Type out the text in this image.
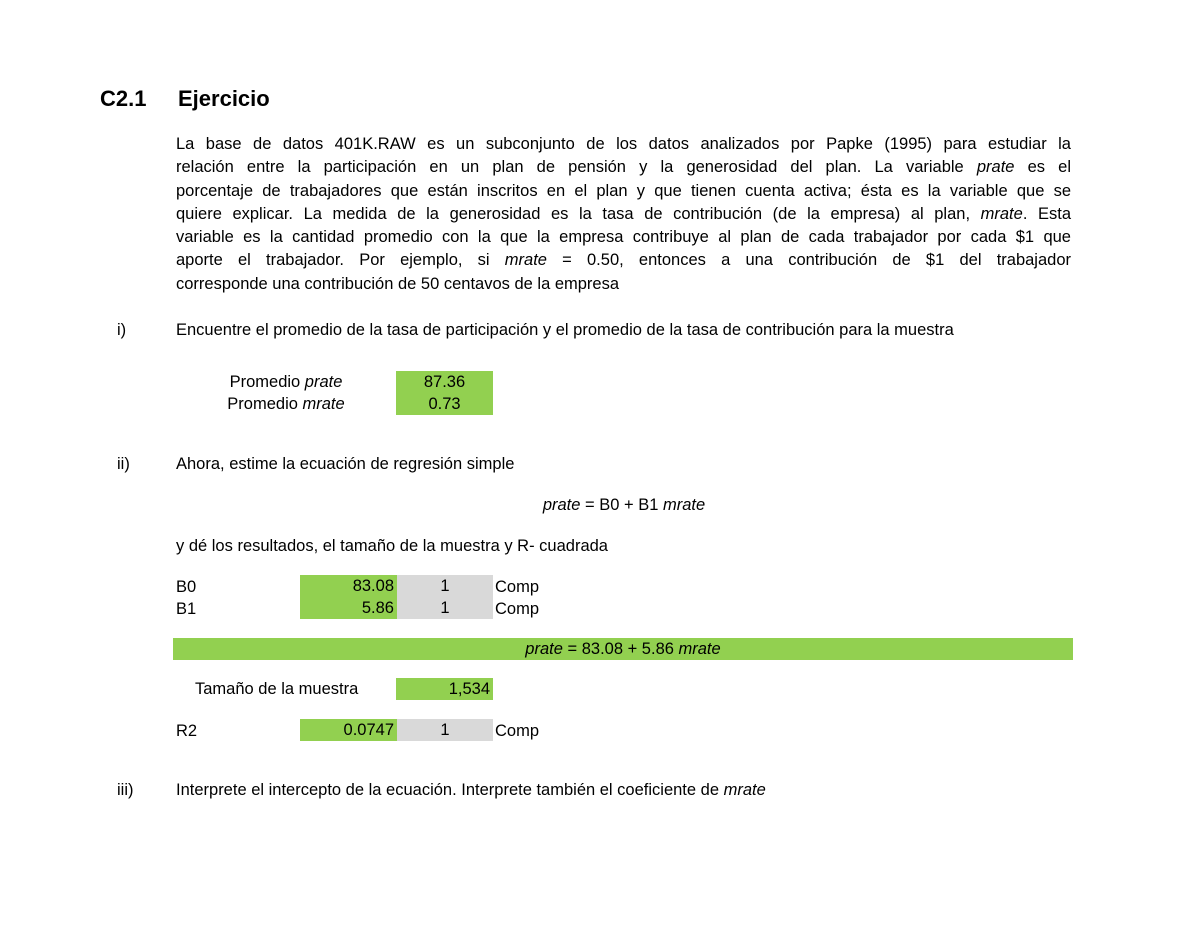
C2.1 Ejercicio
La base de datos 401K.RAW es un subconjunto de los datos analizados por Papke (1995) para estudiar la
relación entre la participación en un plan de pensión y la generosidad del plan. La variable prate es el
porcentaje de trabajadores que están inscritos en el plan y que tienen cuenta activa; ésta es la variable que se
quiere explicar. La medida de la generosidad es la tasa de contribución (de la empresa) al plan, mrate. Esta
variable es la cantidad promedio con la que la empresa contribuye al plan de cada trabajador por cada $1 que
aporte el trabajador. Por ejemplo, si mrate = 0.50, entonces a una contribución de $1 del trabajador
corresponde una contribución de 50 centavos de la empresa
i)	Encuentre el promedio de la tasa de participación y el promedio de la tasa de contribución para la muestra
Promedio prate	87.36
Promedio mrate	0.73
ii)	Ahora, estime la ecuación de regresión simple
prate = B0 + B1 mrate
y dé los resultados, el tamaño de la muestra y R- cuadrada
B0	83.08	1	Comp
B1	5.86	1	Comp
prate = 83.08 + 5.86 mrate
Tamaño de la muestra	1,534
R2	0.0747	1	Comp
iii)	Interprete el intercepto de la ecuación. Interprete también el coeficiente de mrate
